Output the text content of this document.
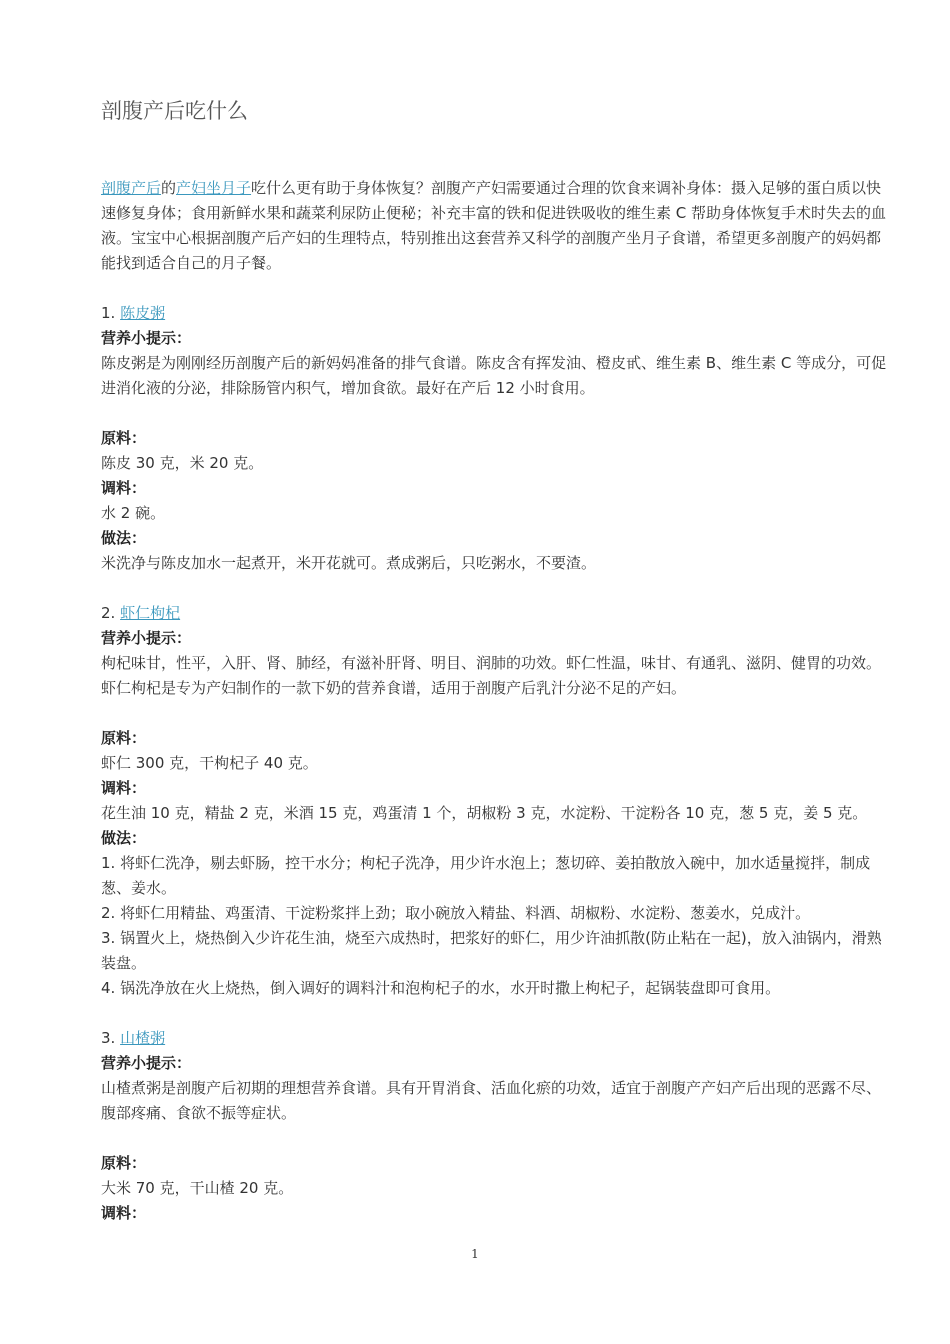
剖腹产后吃什么

剖腹产后的产妇坐月子吃什么更有助于身体恢复？剖腹产产妇需要通过合理的饮食来调补身体：摄入足够的蛋白质以快速修复身体；食用新鲜水果和蔬菜利尿防止便秘；补充丰富的铁和促进铁吸收的维生素 C 帮助身体恢复手术时失去的血液。宝宝中心根据剖腹产后产妇的生理特点，特别推出这套营养又科学的剖腹产坐月子食谱，希望更多剖腹产的妈妈都能找到适合自己的月子餐。

1. 陈皮粥

营养小提示：

陈皮粥是为刚刚经历剖腹产后的新妈妈准备的排气食谱。陈皮含有挥发油、橙皮甙、维生素 B、维生素 C 等成分，可促进消化液的分泌，排除肠管内积气，增加食欲。最好在产后 12 小时食用。

原料：

陈皮 30 克，米 20 克。

调料：

水 2 碗。

做法：

米洗净与陈皮加水一起煮开，米开花就可。煮成粥后，只吃粥水，不要渣。

2. 虾仁枸杞

营养小提示：

枸杞味甘，性平，入肝、肾、肺经，有滋补肝肾、明目、润肺的功效。虾仁性温，味甘、有通乳、滋阴、健胃的功效。虾仁枸杞是专为产妇制作的一款下奶的营养食谱，适用于剖腹产后乳汁分泌不足的产妇。

原料：

虾仁 300 克，干枸杞子 40 克。

调料：

花生油 10 克，精盐 2 克，米酒 15 克，鸡蛋清 1 个，胡椒粉 3 克，水淀粉、干淀粉各 10 克，葱 5 克，姜 5 克。

做法：

1. 将虾仁洗净，剔去虾肠，控干水分；枸杞子洗净，用少许水泡上；葱切碎、姜拍散放入碗中，加水适量搅拌，制成葱、姜水。

2. 将虾仁用精盐、鸡蛋清、干淀粉浆拌上劲；取小碗放入精盐、料酒、胡椒粉、水淀粉、葱姜水，兑成汁。

3. 锅置火上，烧热倒入少许花生油，烧至六成热时，把浆好的虾仁，用少许油抓散(防止粘在一起)，放入油锅内，滑熟装盘。

4. 锅洗净放在火上烧热，倒入调好的调料汁和泡枸杞子的水，水开时撒上枸杞子，起锅装盘即可食用。

3. 山楂粥

营养小提示：

山楂煮粥是剖腹产后初期的理想营养食谱。具有开胃消食、活血化瘀的功效，适宜于剖腹产产妇产后出现的恶露不尽、腹部疼痛、食欲不振等症状。

原料：

大米 70 克，干山楂 20 克。

调料：

1
